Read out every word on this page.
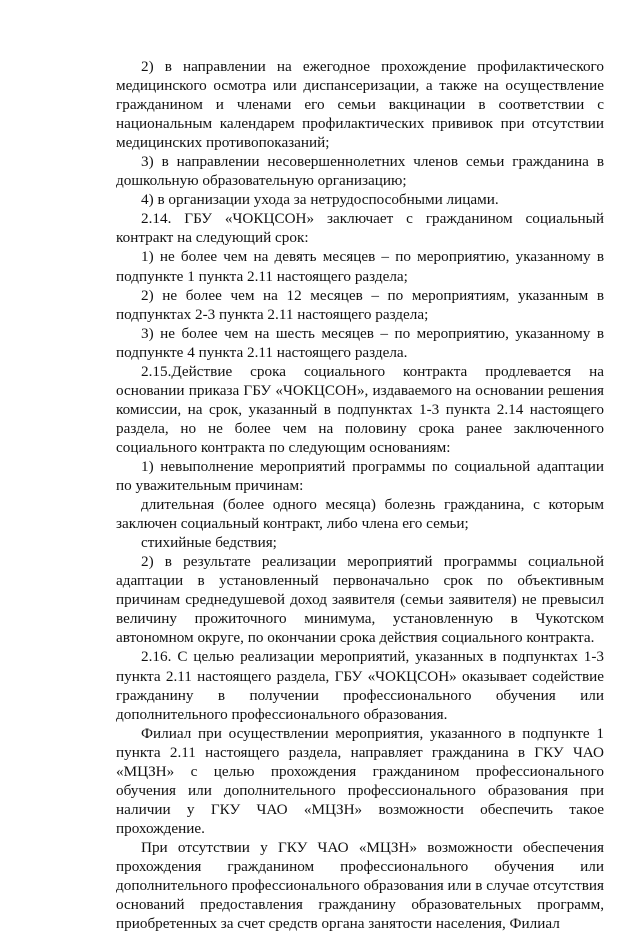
2) в направлении на ежегодное прохождение профилактического медицинского осмотра или диспансеризации, а также на осуществление гражданином и членами его семьи вакцинации в соответствии с национальным календарем профилактических прививок при отсутствии медицинских противопоказаний;

3) в направлении несовершеннолетних членов семьи гражданина в дошкольную образовательную организацию;

4) в организации ухода за нетрудоспособными лицами.

2.14. ГБУ «ЧОКЦСОН» заключает с гражданином социальный контракт на следующий срок:

1) не более чем на девять месяцев – по мероприятию, указанному в подпункте 1 пункта 2.11 настоящего раздела;

2) не более чем на 12 месяцев – по мероприятиям, указанным в подпунктах 2-3 пункта 2.11 настоящего раздела;

3) не более чем на шесть месяцев – по мероприятию, указанному в подпункте 4 пункта 2.11 настоящего раздела.

2.15.Действие срока социального контракта продлевается на основании приказа ГБУ «ЧОКЦСОН», издаваемого на основании решения комиссии, на срок, указанный в подпунктах 1-3 пункта 2.14 настоящего раздела, но не более чем на половину срока ранее заключенного социального контракта по следующим основаниям:

1) невыполнение мероприятий программы по социальной адаптации по уважительным причинам:

длительная (более одного месяца) болезнь гражданина, с которым заключен социальный контракт, либо члена его семьи;

стихийные бедствия;

2) в результате реализации мероприятий программы социальной адаптации в установленный первоначально срок по объективным причинам среднедушевой доход заявителя (семьи заявителя) не превысил величину прожиточного минимума, установленную в Чукотском автономном округе, по окончании срока действия социального контракта.

2.16. С целью реализации мероприятий, указанных в подпунктах 1-3 пункта 2.11 настоящего раздела, ГБУ «ЧОКЦСОН» оказывает содействие гражданину в получении профессионального обучения или дополнительного профессионального образования.

Филиал при осуществлении мероприятия, указанного в подпункте 1 пункта 2.11 настоящего раздела, направляет гражданина в ГКУ ЧАО «МЦЗН» с целью прохождения гражданином профессионального обучения или дополнительного профессионального образования при наличии у ГКУ ЧАО «МЦЗН» возможности обеспечить такое прохождение.

При отсутствии у ГКУ ЧАО «МЦЗН» возможности обеспечения прохождения гражданином профессионального обучения или дополнительного профессионального образования или в случае отсутствия оснований предоставления гражданину образовательных программ, приобретенных за счет средств органа занятости населения, Филиал
